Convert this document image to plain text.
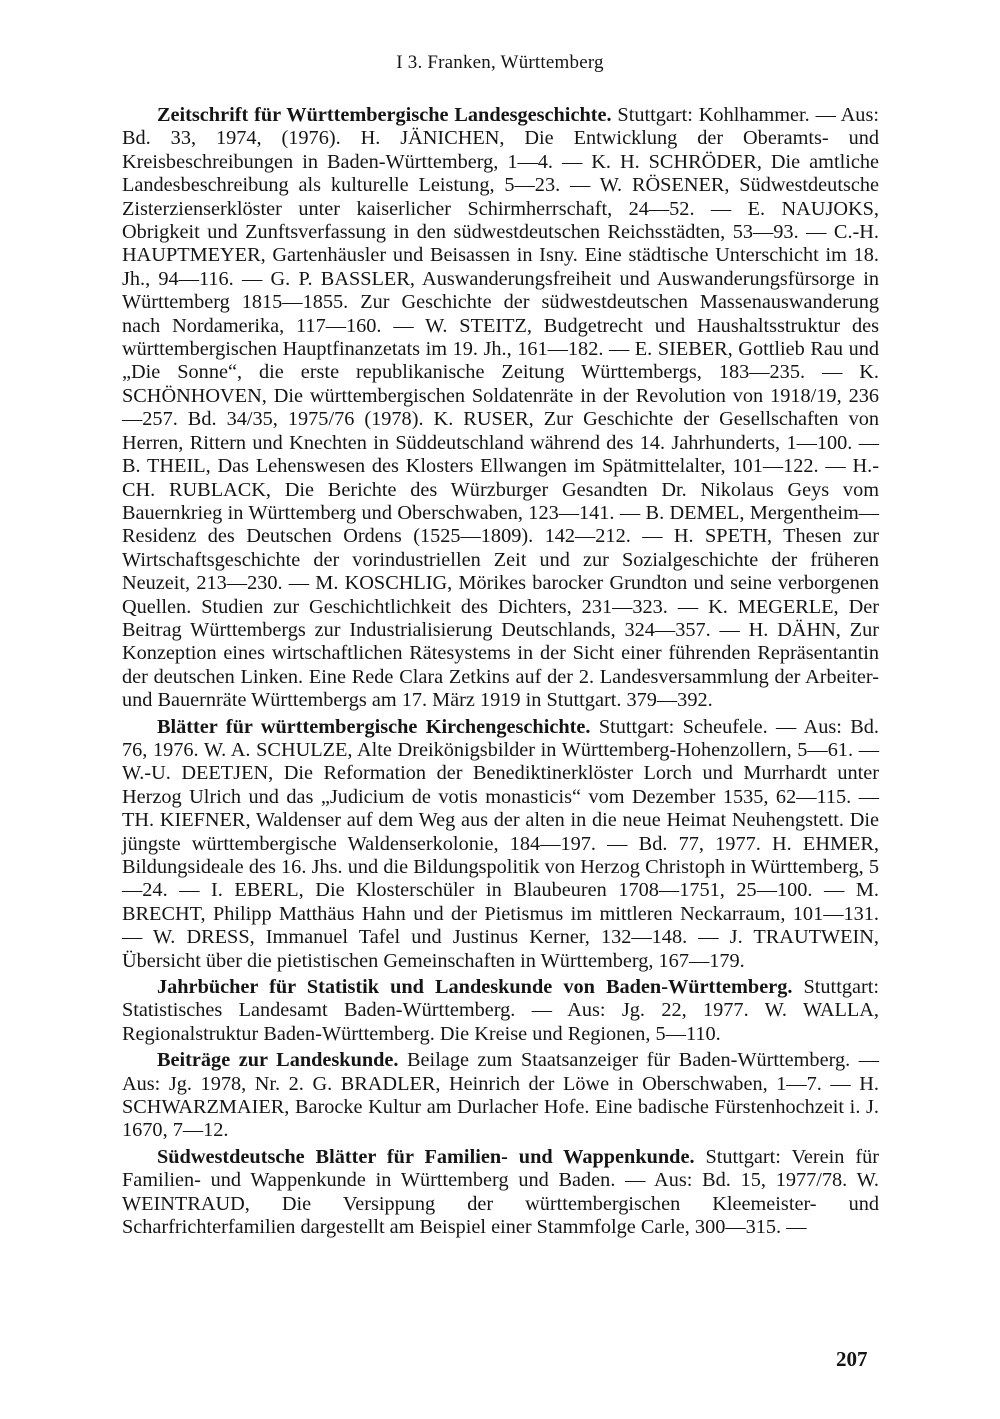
I 3. Franken, Württemberg

Zeitschrift für Württembergische Landesgeschichte. Stuttgart: Kohlhammer. — Aus: Bd. 33, 1974, (1976). H. JÄNICHEN, Die Entwicklung der Oberamts- und Kreisbeschreibungen in Baden-Württemberg, 1—4. — K. H. SCHRÖDER, Die amtliche Landesbeschreibung als kulturelle Leistung, 5—23. — W. RÖSENER, Südwestdeutsche Zisterzienserklöster unter kaiserlicher Schirmherrschaft, 24—52. — E. NAUJOKS, Obrigkeit und Zunftsverfassung in den südwestdeutschen Reichsstädten, 53—93. — C.-H. HAUPTMEYER, Gartenhäusler und Beisassen in Isny. Eine städtische Unterschicht im 18. Jh., 94—116. — G. P. BASSLER, Auswanderungsfreiheit und Auswanderungsfürsorge in Württemberg 1815—1855. Zur Geschichte der südwestdeutschen Massenauswanderung nach Nordamerika, 117—160. — W. STEITZ, Budgetrecht und Haushaltsstruktur des württembergischen Hauptfinanzetats im 19. Jh., 161—182. — E. SIEBER, Gottlieb Rau und „Die Sonne“, die erste republikanische Zeitung Württembergs, 183—235. — K. SCHÖNHOVEN, Die württembergischen Soldatenräte in der Revolution von 1918/19, 236—257. Bd. 34/35, 1975/76 (1978). K. RUSER, Zur Geschichte der Gesellschaften von Herren, Rittern und Knechten in Süddeutschland während des 14. Jahrhunderts, 1—100. — B. THEIL, Das Lehenswesen des Klosters Ellwangen im Spätmittelalter, 101—122. — H.-CH. RUBLACK, Die Berichte des Würzburger Gesandten Dr. Nikolaus Geys vom Bauernkrieg in Württemberg und Oberschwaben, 123—141. — B. DEMEL, Mergentheim—Residenz des Deutschen Ordens (1525—1809). 142—212. — H. SPETH, Thesen zur Wirtschaftsgeschichte der vorindustriellen Zeit und zur Sozialgeschichte der früheren Neuzeit, 213—230. — M. KOSCHLIG, Mörikes barocker Grundton und seine verborgenen Quellen. Studien zur Geschichtlichkeit des Dichters, 231—323. — K. MEGERLE, Der Beitrag Württembergs zur Industrialisierung Deutschlands, 324—357. — H. DÄHN, Zur Konzeption eines wirtschaftlichen Rätesystems in der Sicht einer führenden Repräsentantin der deutschen Linken. Eine Rede Clara Zetkins auf der 2. Landesversammlung der Arbeiter- und Bauernräte Württembergs am 17. März 1919 in Stuttgart. 379—392.

Blätter für württembergische Kirchengeschichte. Stuttgart: Scheufele. — Aus: Bd. 76, 1976. W. A. SCHULZE, Alte Dreikönigsbilder in Württemberg-Hohenzollern, 5—61. — W.-U. DEETJEN, Die Reformation der Benediktinerklöster Lorch und Murrhardt unter Herzog Ulrich und das „Judicium de votis monasticis“ vom Dezember 1535, 62—115. — TH. KIEFNER, Waldenser auf dem Weg aus der alten in die neue Heimat Neuhengstett. Die jüngste württembergische Waldenserkolonie, 184—197. — Bd. 77, 1977. H. EHMER, Bildungsideale des 16. Jhs. und die Bildungspolitik von Herzog Christoph in Württemberg, 5—24. — I. EBERL, Die Klosterschüler in Blaubeuren 1708—1751, 25—100. — M. BRECHT, Philipp Matthäus Hahn und der Pietismus im mittleren Neckarraum, 101—131. — W. DRESS, Immanuel Tafel und Justinus Kerner, 132—148. — J. TRAUTWEIN, Übersicht über die pietistischen Gemeinschaften in Württemberg, 167—179.

Jahrbücher für Statistik und Landeskunde von Baden-Württemberg. Stuttgart: Statistisches Landesamt Baden-Württemberg. — Aus: Jg. 22, 1977. W. WALLA, Regionalstruktur Baden-Württemberg. Die Kreise und Regionen, 5—110.

Beiträge zur Landeskunde. Beilage zum Staatsanzeiger für Baden-Württemberg. — Aus: Jg. 1978, Nr. 2. G. BRADLER, Heinrich der Löwe in Oberschwaben, 1—7. — H. SCHWARZMAIER, Barocke Kultur am Durlacher Hofe. Eine badische Fürstenhochzeit i. J. 1670, 7—12.

Südwestdeutsche Blätter für Familien- und Wappenkunde. Stuttgart: Verein für Familien- und Wappenkunde in Württemberg und Baden. — Aus: Bd. 15, 1977/78. W. WEINTRAUD, Die Versippung der württembergischen Kleemeister- und Scharfrichterfamilien dargestellt am Beispiel einer Stammfolge Carle, 300—315. —

207
